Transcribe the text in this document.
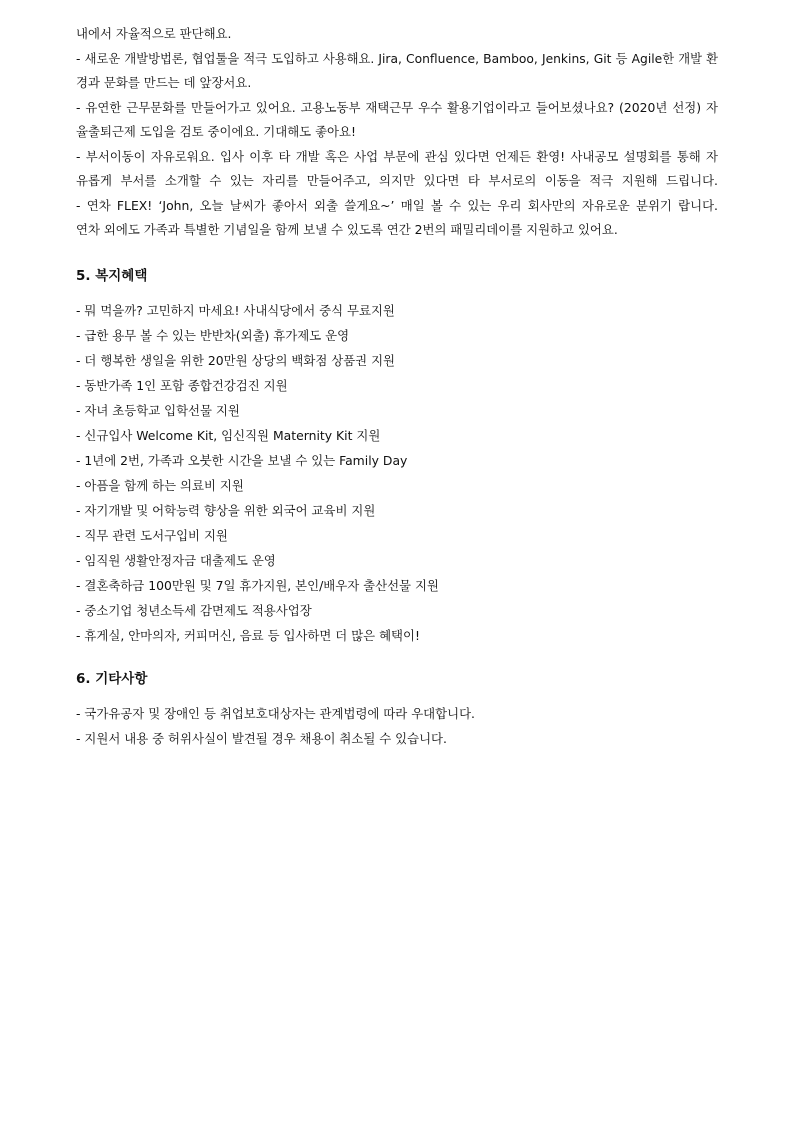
내에서 자율적으로 판단해요.
- 새로운 개발방법론, 협업툴을 적극 도입하고 사용해요. Jira, Confluence, Bamboo, Jenkins, Git 등 Agile한 개발 환
경과 문화를 만드는 데 앞장서요.
- 유연한 근무문화를 만들어가고 있어요. 고용노동부 재택근무 우수 활용기업이라고 들어보셨나요? (2020년 선정) 자
율출퇴근제 도입을 검토 중이에요. 기대해도 좋아요!
- 부서이동이 자유로워요. 입사 이후 타 개발 혹은 사업 부문에 관심 있다면 언제든 환영! 사내공모 설명회를 통해 자
유롭게 부서를 소개할 수 있는 자리를 만들어주고, 의지만 있다면 타 부서로의 이동을 적극 지원해 드립니다.
- 연차 FLEX! ‘John, 오늘 날씨가 좋아서 외출 쓸게요~’ 매일 볼 수 있는 우리 회사만의 자유로운 분위기 랍니다.
연차 외에도 가족과 특별한 기념일을 함께 보낼 수 있도록 연간 2번의 패밀리데이를 지원하고 있어요.
5. 복지혜택
- 뭐 먹을까? 고민하지 마세요! 사내식당에서 중식 무료지원
- 급한 용무 볼 수 있는 반반차(외출) 휴가제도 운영
- 더 행복한 생일을 위한 20만원 상당의 백화점 상품권 지원
- 동반가족 1인 포함 종합건강검진 지원
- 자녀 초등학교 입학선물 지원
- 신규입사 Welcome Kit, 임신직원 Maternity Kit 지원
- 1년에 2번, 가족과 오붓한 시간을 보낼 수 있는 Family Day
- 아픔을 함께 하는 의료비 지원
- 자기개발 및 어학능력 향상을 위한 외국어 교육비 지원
- 직무 관련 도서구입비 지원
- 임직원 생활안정자금 대출제도 운영
- 결혼축하금 100만원 및 7일 휴가지원, 본인/배우자 출산선물 지원
- 중소기업 청년소득세 감면제도 적용사업장
- 휴게실, 안마의자, 커피머신, 음료 등 입사하면 더 많은 혜택이!
6. 기타사항
- 국가유공자 및 장애인 등 취업보호대상자는 관계법령에 따라 우대합니다.
- 지원서 내용 중 허위사실이 발견될 경우 채용이 취소될 수 있습니다.
